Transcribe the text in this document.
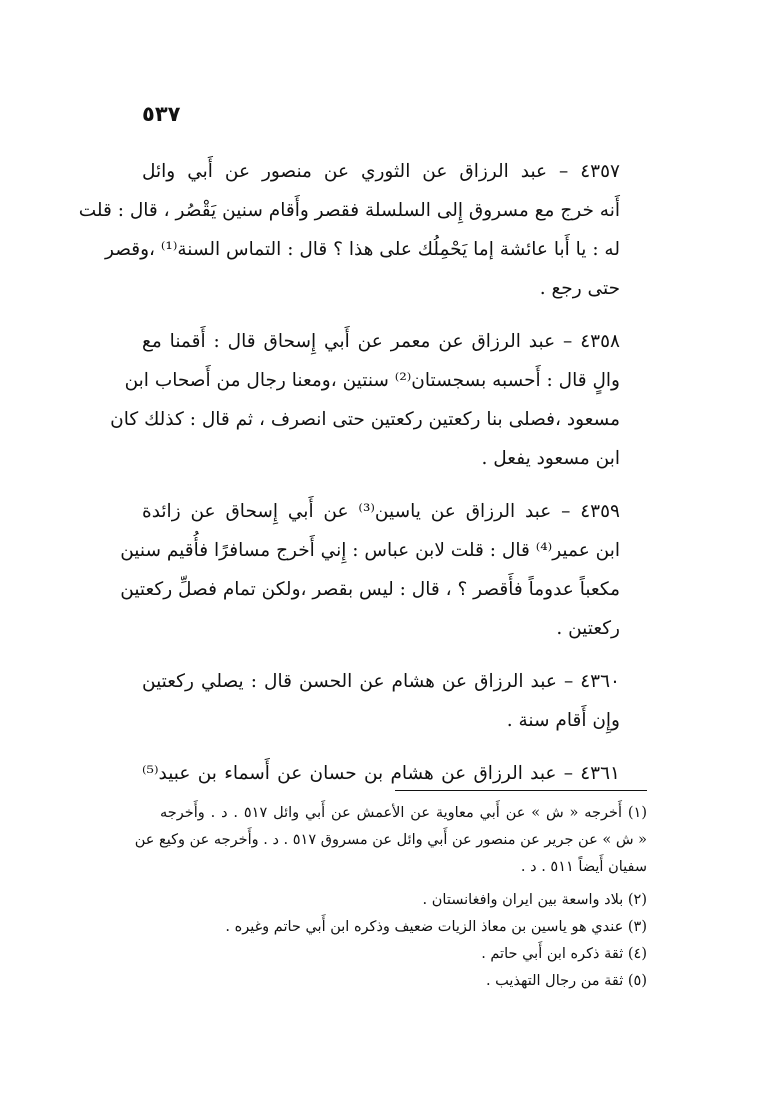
٥٣٧
٤٣٥٧ – عبد الرزاق عن الثوري عن منصور عن أَبي وائل
أَنه خرج مع مسروق إِلى السلسلة فقصر وأَقام سنين يَقْصُر ، قال : قلت
له : يا أَبا عائشة إما يَحْمِلُك على هذا ؟ قال : التماس السنة⁽¹⁾ ،وقصر
حتى رجع .
٤٣٥٨ – عبد الرزاق عن معمر عن أَبي إِسحاق قال : أَقمنا مع
والٍ قال : أَحسبه بسجستان⁽²⁾ سنتين ،ومعنا رجال من أَصحاب ابن
مسعود ،فصلى بنا ركعتين ركعتين حتى انصرف ، ثم قال : كذلك كان
ابن مسعود يفعل .
٤٣٥٩ – عبد الرزاق عن ياسين⁽³⁾ عن أَبي إِسحاق عن زائدة
ابن عمير⁽⁴⁾ قال : قلت لابن عباس : إِني أَخرج مسافرًا فأُقيم سنين
مكعباً عدوماً فأَقصر ؟ ، قال : ليس بقصر ،ولكن تمام فصلِّ ركعتين
ركعتين .
٤٣٦٠ – عبد الرزاق عن هشام عن الحسن قال : يصلي ركعتين
وإِن أَقام سنة .
٤٣٦١ – عبد الرزاق عن هشام بن حسان عن أَسماء بن عبيد⁽⁵⁾
(١) أَخرجه « ش » عن أَبي معاوية عن الأعمش عن أَبي وائل ٥١٧ . د . وأَخرجه
« ش » عن جرير عن منصور عن أَبي وائل عن مسروق ٥١٧ . د . وأَخرجه عن وكيع عن
سفيان أَيضاً ٥١١ . د .
(٢) بلاد واسعة بين ايران وافغانستان .
(٣) عندي هو ياسين بن معاذ الزيات ضعيف وذكره ابن أَبي حاتم وغيره .
(٤) ثقة ذكره ابن أَبي حاتم .
(٥) ثقة من رجال التهذيب .
